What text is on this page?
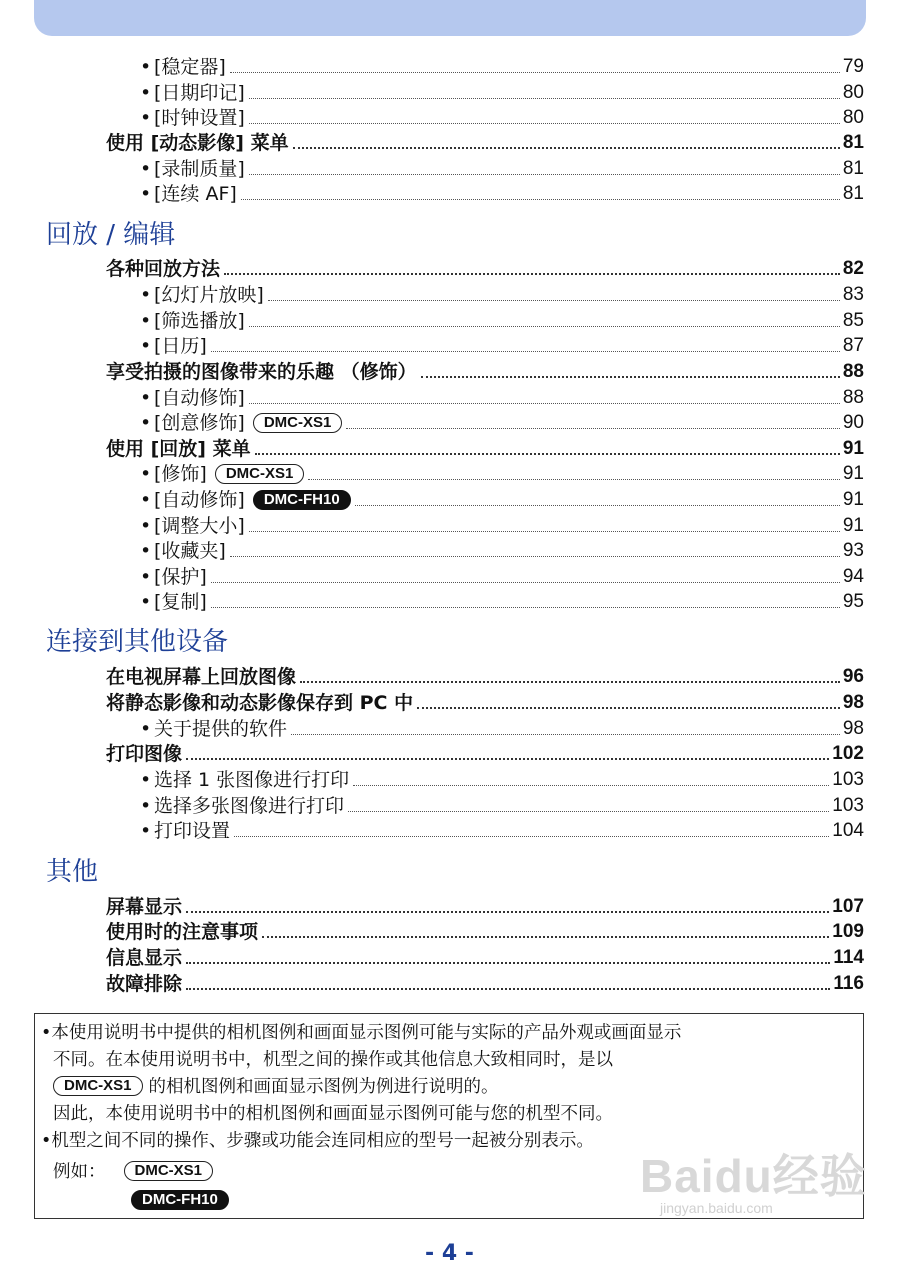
• [稳定器]	79
• [日期印记]	80
• [时钟设置]	80
使用 [动态影像] 菜单	81
• [录制质量]	81
• [连续 AF]	81
回放 / 编辑
各种回放方法	82
• [幻灯片放映]	83
• [筛选播放]	85
• [日历]	87
享受拍摄的图像带来的乐趣 （修饰）	88
• [自动修饰]	88
• [创意修饰]	DMC-XS1	90
使用 [回放] 菜单	91
• [修饰]	DMC-XS1	91
• [自动修饰]	DMC-FH10	91
• [调整大小]	91
• [收藏夹]	93
• [保护]	94
• [复制]	95
连接到其他设备
在电视屏幕上回放图像	96
将静态影像和动态影像保存到 PC 中	98
• 关于提供的软件	98
打印图像	102
• 选择 1 张图像进行打印	103
• 选择多张图像进行打印	103
• 打印设置	104
其他
屏幕显示	107
使用时的注意事项	109
信息显示	114
故障排除	116
•本使用说明书中提供的相机图例和画面显示图例可能与实际的产品外观或画面显示
不同。在本使用说明书中，机型之间的操作或其他信息大致相同时，是以
DMC-XS1 的相机图例和画面显示图例为例进行说明的。
因此，本使用说明书中的相机图例和画面显示图例可能与您的机型不同。
•机型之间不同的操作、步骤或功能会连同相应的型号一起被分别表示。
例如： DMC-XS1
DMC-FH10	Baidu经验
jingyan.baidu.com
- 4 -
